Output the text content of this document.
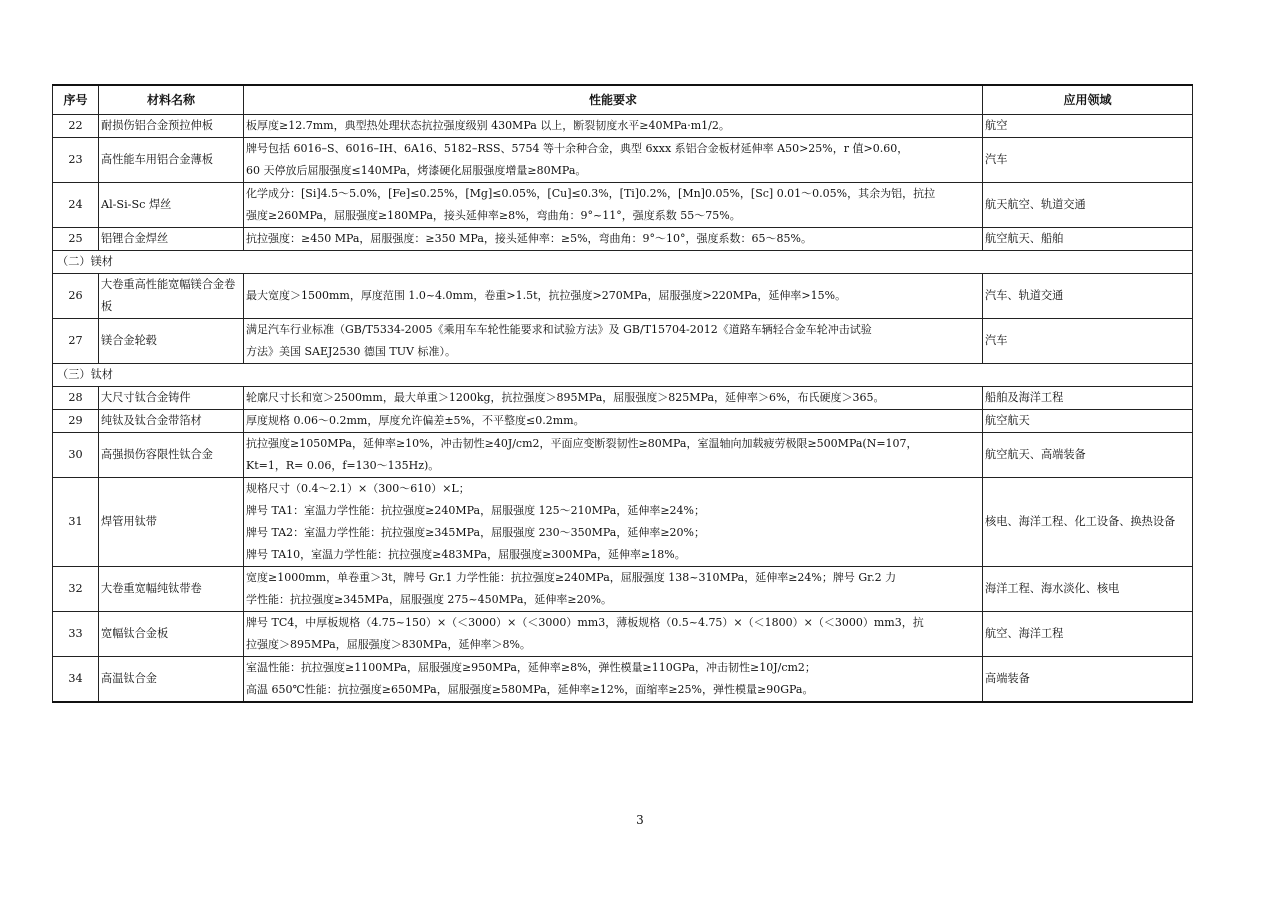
序号	材料名称	性能要求	应用领域
22	耐损伤铝合金预拉伸板	板厚度≥12.7mm，典型热处理状态抗拉强度级别 430MPa 以上，断裂韧度水平≥40MPa·m1/2。	航空
23	高性能车用铝合金薄板	牌号包括 6016–S、6016–IH、6A16、5182–RSS、5754 等十余种合金，典型 6xxx 系铝合金板材延伸率 A50>25%，r 值>0.60，
60 天停放后屈服强度≤140MPa，烤漆硬化屈服强度增量≥80MPa。	汽车
24	Al-Si-Sc 焊丝	化学成分：[Si]4.5～5.0%，[Fe]≤0.25%，[Mg]≤0.05%，[Cu]≤0.3%，[Ti]0.2%，[Mn]0.05%，[Sc] 0.01～0.05%，其余为铝，抗拉
强度≥260MPa，屈服强度≥180MPa，接头延伸率≥8%，弯曲角：9°~11°，强度系数 55～75%。	航天航空、轨道交通
25	铝锂合金焊丝	抗拉强度：≥450 MPa，屈服强度：≥350 MPa，接头延伸率：≥5%，弯曲角：9°～10°，强度系数：65～85%。	航空航天、船舶
（二）镁材			
26	大卷重高性能宽幅镁合金卷板	最大宽度＞1500mm，厚度范围 1.0~4.0mm，卷重>1.5t，抗拉强度>270MPa，屈服强度>220MPa，延伸率>15%。	汽车、轨道交通
27	镁合金轮毂	满足汽车行业标准（GB/T5334-2005《乘用车车轮性能要求和试验方法》及 GB/T15704-2012《道路车辆轻合金车轮冲击试验
方法》美国 SAEJ2530 德国 TUV 标准）。	汽车
（三）钛材			
28	大尺寸钛合金铸件	轮廓尺寸长和宽＞2500mm，最大单重＞1200kg，抗拉强度＞895MPa，屈服强度＞825MPa，延伸率＞6%，布氏硬度＞365。	船舶及海洋工程
29	纯钛及钛合金带箔材	厚度规格 0.06～0.2mm，厚度允许偏差±5%，不平整度≤0.2mm。	航空航天
30	高强损伤容限性钛合金	抗拉强度≥1050MPa，延伸率≥10%，冲击韧性≥40J/cm2，平面应变断裂韧性≥80MPa，室温轴向加载疲劳极限≥500MPa(N=107，
Kt=1，R= 0.06，f=130～135Hz)。	航空航天、高端装备
31	焊管用钛带	规格尺寸（0.4～2.1）×（300～610）×L；
牌号 TA1：室温力学性能：抗拉强度≥240MPa，屈服强度 125～210MPa，延伸率≥24%；
牌号 TA2：室温力学性能：抗拉强度≥345MPa，屈服强度 230～350MPa，延伸率≥20%；
牌号 TA10，室温力学性能：抗拉强度≥483MPa，屈服强度≥300MPa，延伸率≥18%。	核电、海洋工程、化工设备、换热设备
32	大卷重宽幅纯钛带卷	宽度≥1000mm，单卷重＞3t，牌号 Gr.1 力学性能：抗拉强度≥240MPa，屈服强度 138~310MPa，延伸率≥24%；牌号 Gr.2 力
学性能：抗拉强度≥345MPa，屈服强度 275~450MPa，延伸率≥20%。	海洋工程、海水淡化、核电
33	宽幅钛合金板	牌号 TC4，中厚板规格（4.75~150）×（＜3000）×（＜3000）mm3，薄板规格（0.5~4.75）×（＜1800）×（＜3000）mm3，抗
拉强度＞895MPa，屈服强度＞830MPa，延伸率＞8%。	航空、海洋工程
34	高温钛合金	室温性能：抗拉强度≥1100MPa，屈服强度≥950MPa，延伸率≥8%，弹性模量≥110GPa，冲击韧性≥10J/cm2；
高温 650℃性能：抗拉强度≥650MPa，屈服强度≥580MPa，延伸率≥12%，面缩率≥25%，弹性模量≥90GPa。	高端装备
3
